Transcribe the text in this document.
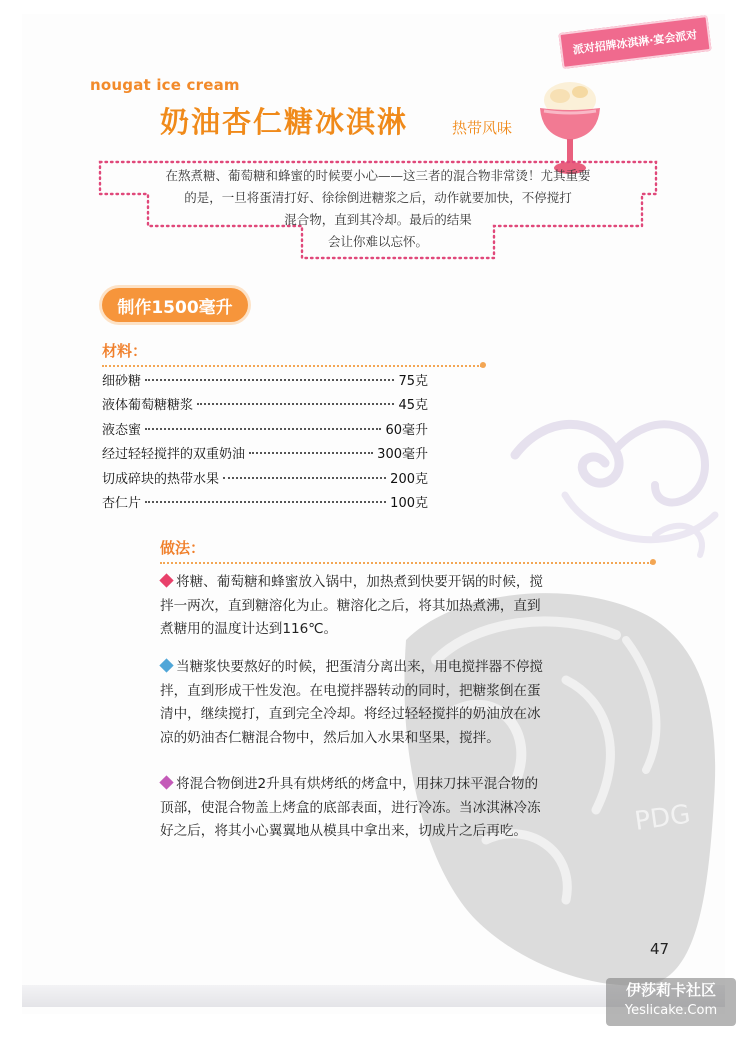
PDG
派对招牌冰淇淋·宴会派对
nougat ice cream
奶油杏仁糖冰淇淋	热带风味
在熬煮糖、葡萄糖和蜂蜜的时候要小心——这三者的混合物非常烫！尤其重要
的是，一旦将蛋清打好、徐徐倒进糖浆之后，动作就要加快，不停搅打
混合物，直到其冷却。最后的结果
会让你难以忘怀。
制作1500毫升
材料：
细砂糖	75克
液体葡萄糖糖浆	45克
液态蜜	60毫升
经过轻轻搅拌的双重奶油	300毫升
切成碎块的热带水果	200克
杏仁片	100克
做法：
将糖、葡萄糖和蜂蜜放入锅中，加热煮到快要开锅的时候，搅
拌一两次，直到糖溶化为止。糖溶化之后，将其加热煮沸，直到
煮糖用的温度计达到116℃。
当糖浆快要熬好的时候，把蛋清分离出来，用电搅拌器不停搅
拌，直到形成干性发泡。在电搅拌器转动的同时，把糖浆倒在蛋
清中，继续搅打，直到完全冷却。将经过轻轻搅拌的奶油放在冰
凉的奶油杏仁糖混合物中，然后加入水果和坚果，搅拌。
将混合物倒进2升具有烘烤纸的烤盒中，用抹刀抹平混合物的
顶部，使混合物盖上烤盒的底部表面，进行冷冻。当冰淇淋冷冻
好之后，将其小心翼翼地从模具中拿出来，切成片之后再吃。
47
伊莎莉卡社区
Yeslicake.Com
